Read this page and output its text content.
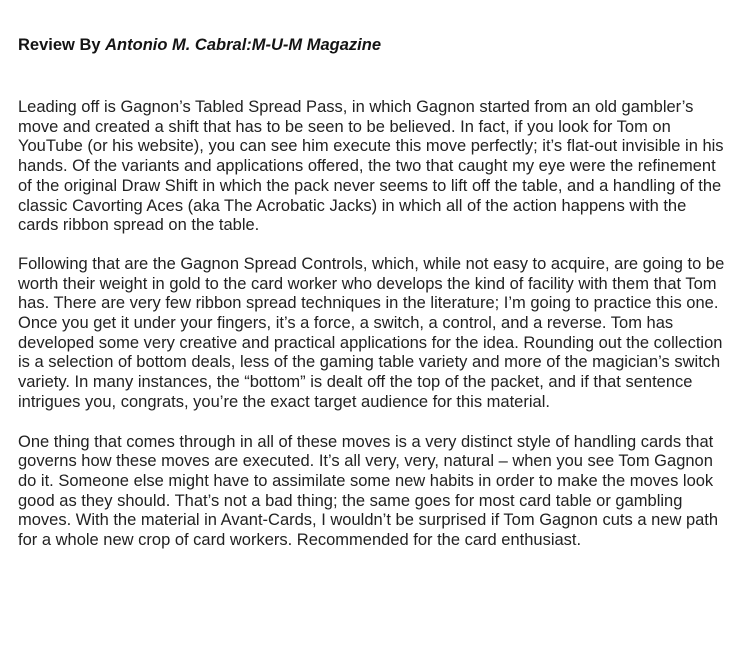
Review By Antonio M. Cabral:M-U-M Magazine

Leading off is Gagnon’s Tabled Spread Pass, in which Gagnon started from an old gambler’s move and created a shift that has to be seen to be believed. In fact, if you look for Tom on YouTube (or his website), you can see him execute this move perfectly; it’s flat-out invisible in his hands. Of the variants and applications offered, the two that caught my eye were the refinement of the original Draw Shift in which the pack never seems to lift off the table, and a handling of the classic Cavorting Aces (aka The Acrobatic Jacks) in which all of the action happens with the cards ribbon spread on the table.

Following that are the Gagnon Spread Controls, which, while not easy to acquire, are going to be worth their weight in gold to the card worker who develops the kind of facility with them that Tom has. There are very few ribbon spread techniques in the literature; I’m going to practice this one. Once you get it under your fingers, it’s a force, a switch, a control, and a reverse. Tom has developed some very creative and practical applications for the idea. Rounding out the collection is a selection of bottom deals, less of the gaming table variety and more of the magician’s switch variety. In many instances, the “bottom” is dealt off the top of the packet, and if that sentence intrigues you, congrats, you’re the exact target audience for this material.

One thing that comes through in all of these moves is a very distinct style of handling cards that governs how these moves are executed. It’s all very, very, natural – when you see Tom Gagnon do it. Someone else might have to assimilate some new habits in order to make the moves look good as they should. That’s not a bad thing; the same goes for most card table or gambling moves. With the material in Avant-Cards, I wouldn’t be surprised if Tom Gagnon cuts a new path for a whole new crop of card workers. Recommended for the card enthusiast.
